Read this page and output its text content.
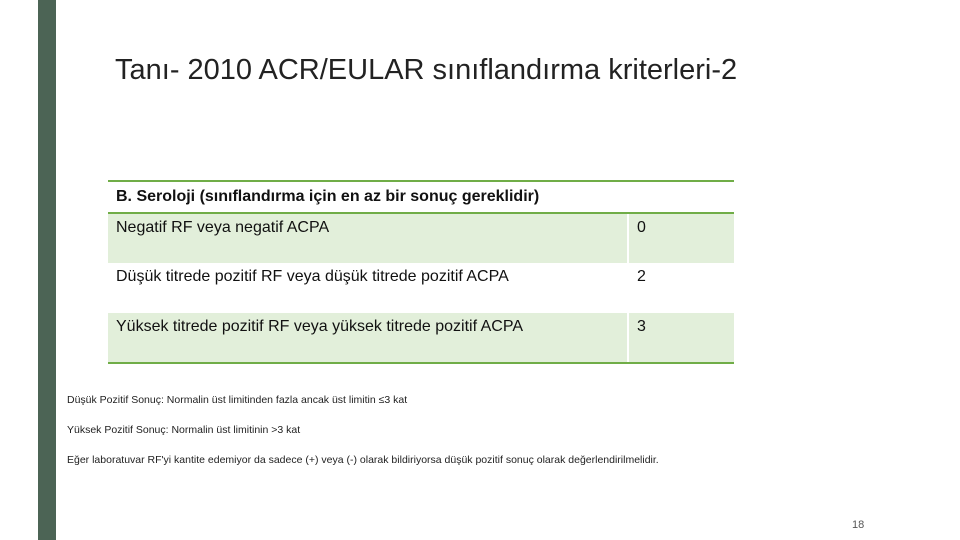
Tanı- 2010 ACR/EULAR sınıflandırma kriterleri-2
B. Seroloji (sınıflandırma için en az bir sonuç gereklidir)	
Negatif RF veya negatif ACPA	0
Düşük titrede pozitif RF veya düşük titrede pozitif ACPA	2
Yüksek titrede pozitif RF veya yüksek titrede pozitif ACPA	3
Düşük Pozitif Sonuç: Normalin üst limitinden fazla ancak üst limitin ≤3 kat
Yüksek Pozitif Sonuç: Normalin üst limitinin >3 kat
Eğer laboratuvar RF'yi kantite edemiyor da sadece (+) veya (-) olarak bildiriyorsa düşük pozitif sonuç olarak değerlendirilmelidir.
18
